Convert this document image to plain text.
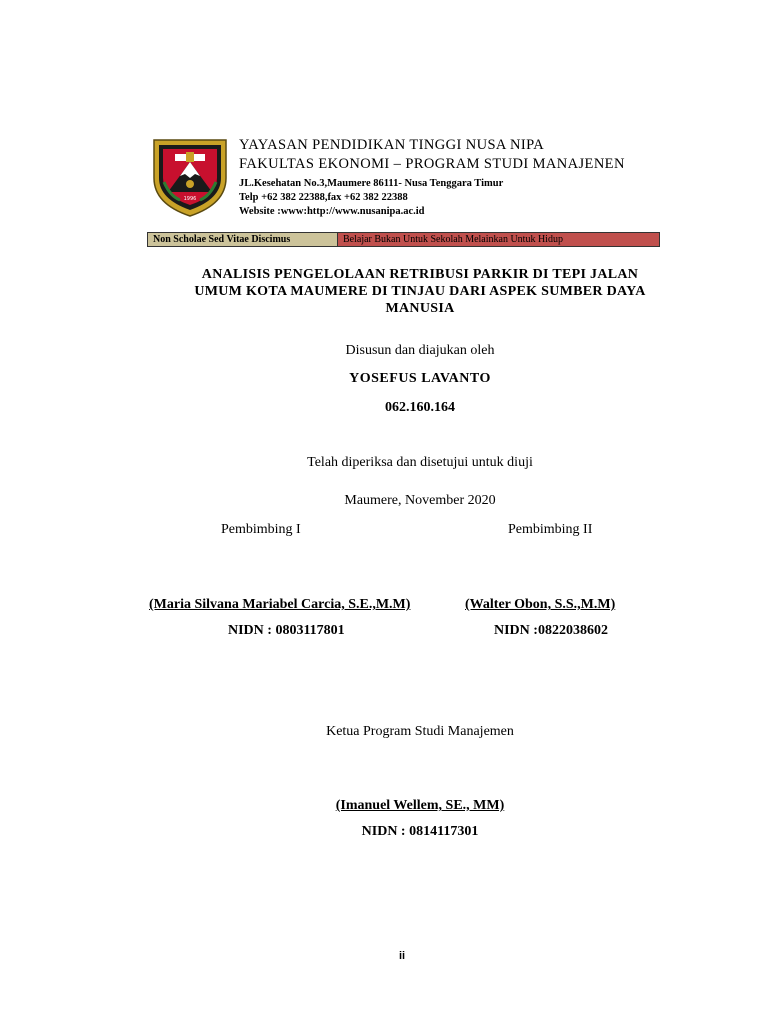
1996
YAYASAN PENDIDIKAN TINGGI NUSA NIPA
FAKULTAS EKONOMI – PROGRAM STUDI MANAJENEN
JL.Kesehatan No.3,Maumere 86111- Nusa Tenggara Timur
Telp +62 382 22388,fax +62 382 22388
Website :www:http://www.nusanipa.ac.id
Non Scholae Sed Vitae Discimus	Belajar Bukan Untuk Sekolah Melainkan Untuk Hidup
ANALISIS PENGELOLAAN RETRIBUSI PARKIR DI TEPI JALAN
UMUM KOTA MAUMERE DI TINJAU DARI ASPEK SUMBER DAYA
MANUSIA
Disusun dan diajukan oleh
YOSEFUS LAVANTO
062.160.164
Telah diperiksa dan disetujui untuk diuji
Maumere, November 2020
Pembimbing I	Pembimbing II
(Maria Silvana Mariabel Carcia, S.E.,M.M)	(Walter Obon, S.S.,M.M)
NIDN : 0803117801	NIDN :0822038602
Ketua Program Studi Manajemen
(Imanuel Wellem, SE., MM)
NIDN : 0814117301
ii
